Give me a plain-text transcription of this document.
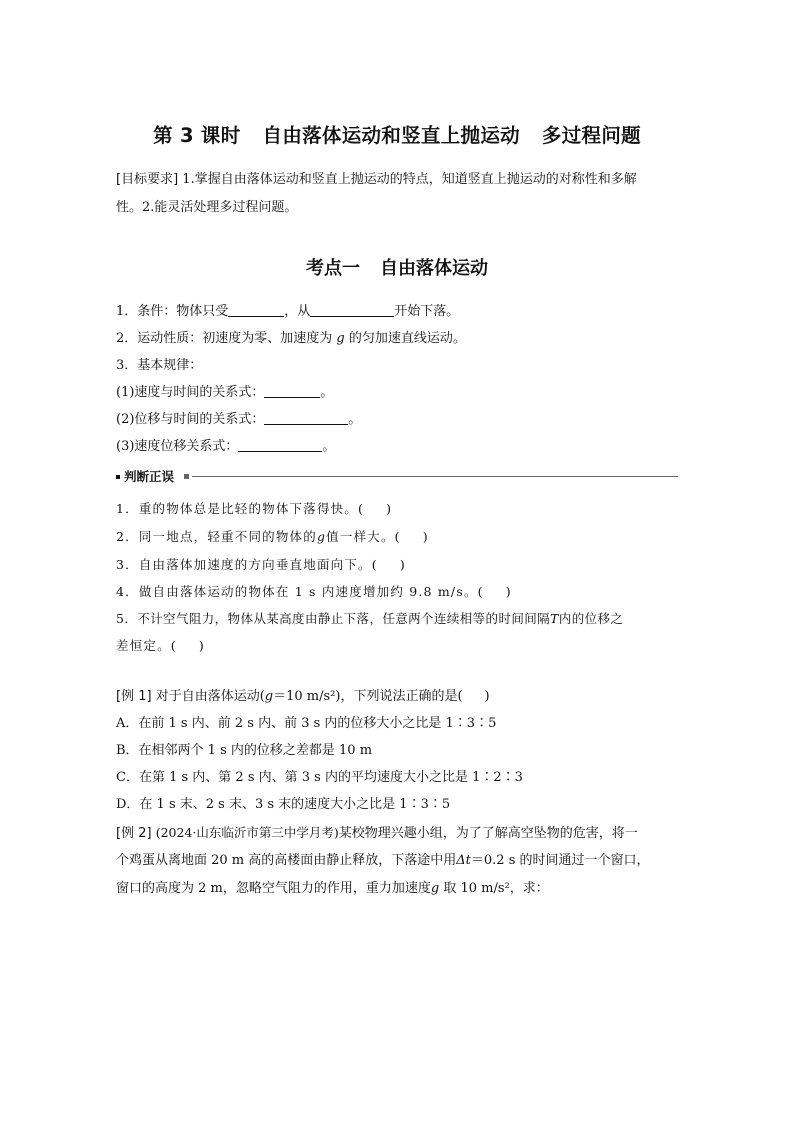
第 3 课时 自由落体运动和竖直上抛运动 多过程问题
[目标要求] 1.掌握自由落体运动和竖直上抛运动的特点，知道竖直上抛运动的对称性和多解
性。2.能灵活处理多过程问题。
考点一 自由落体运动
1．条件：物体只受	，从	开始下落。
2．运动性质：初速度为零、加速度为 g 的匀加速直线运动。
3．基本规律：
(1)速度与时间的关系式：	。
(2)位移与时间的关系式：	。
(3)速度位移关系式：	。
判断正误
1．重的物体总是比轻的物体下落得快。( )
2．同一地点，轻重不同的物体的g值一样大。( )
3．自由落体加速度的方向垂直地面向下。( )
4．做自由落体运动的物体在 1 s 内速度增加约 9.8 m/s。( )
5．不计空气阻力，物体从某高度由静止下落，任意两个连续相等的时间间隔T内的位移之
差恒定。( )
[例 1] 对于自由落体运动(g＝10 m/s²)，下列说法正确的是( )
A．在前 1 s 内、前 2 s 内、前 3 s 内的位移大小之比是 1∶3∶5
B．在相邻两个 1 s 内的位移之差都是 10 m
C．在第 1 s 内、第 2 s 内、第 3 s 内的平均速度大小之比是 1∶2∶3
D．在 1 s 末、2 s 末、3 s 末的速度大小之比是 1∶3∶5
[例 2] (2024·山东临沂市第三中学月考)某校物理兴趣小组，为了了解高空坠物的危害，将一
个鸡蛋从离地面 20 m 高的高楼面由静止释放，下落途中用Δt＝0.2 s 的时间通过一个窗口，
窗口的高度为 2 m，忽略空气阻力的作用，重力加速度g 取 10 m/s²，求：
